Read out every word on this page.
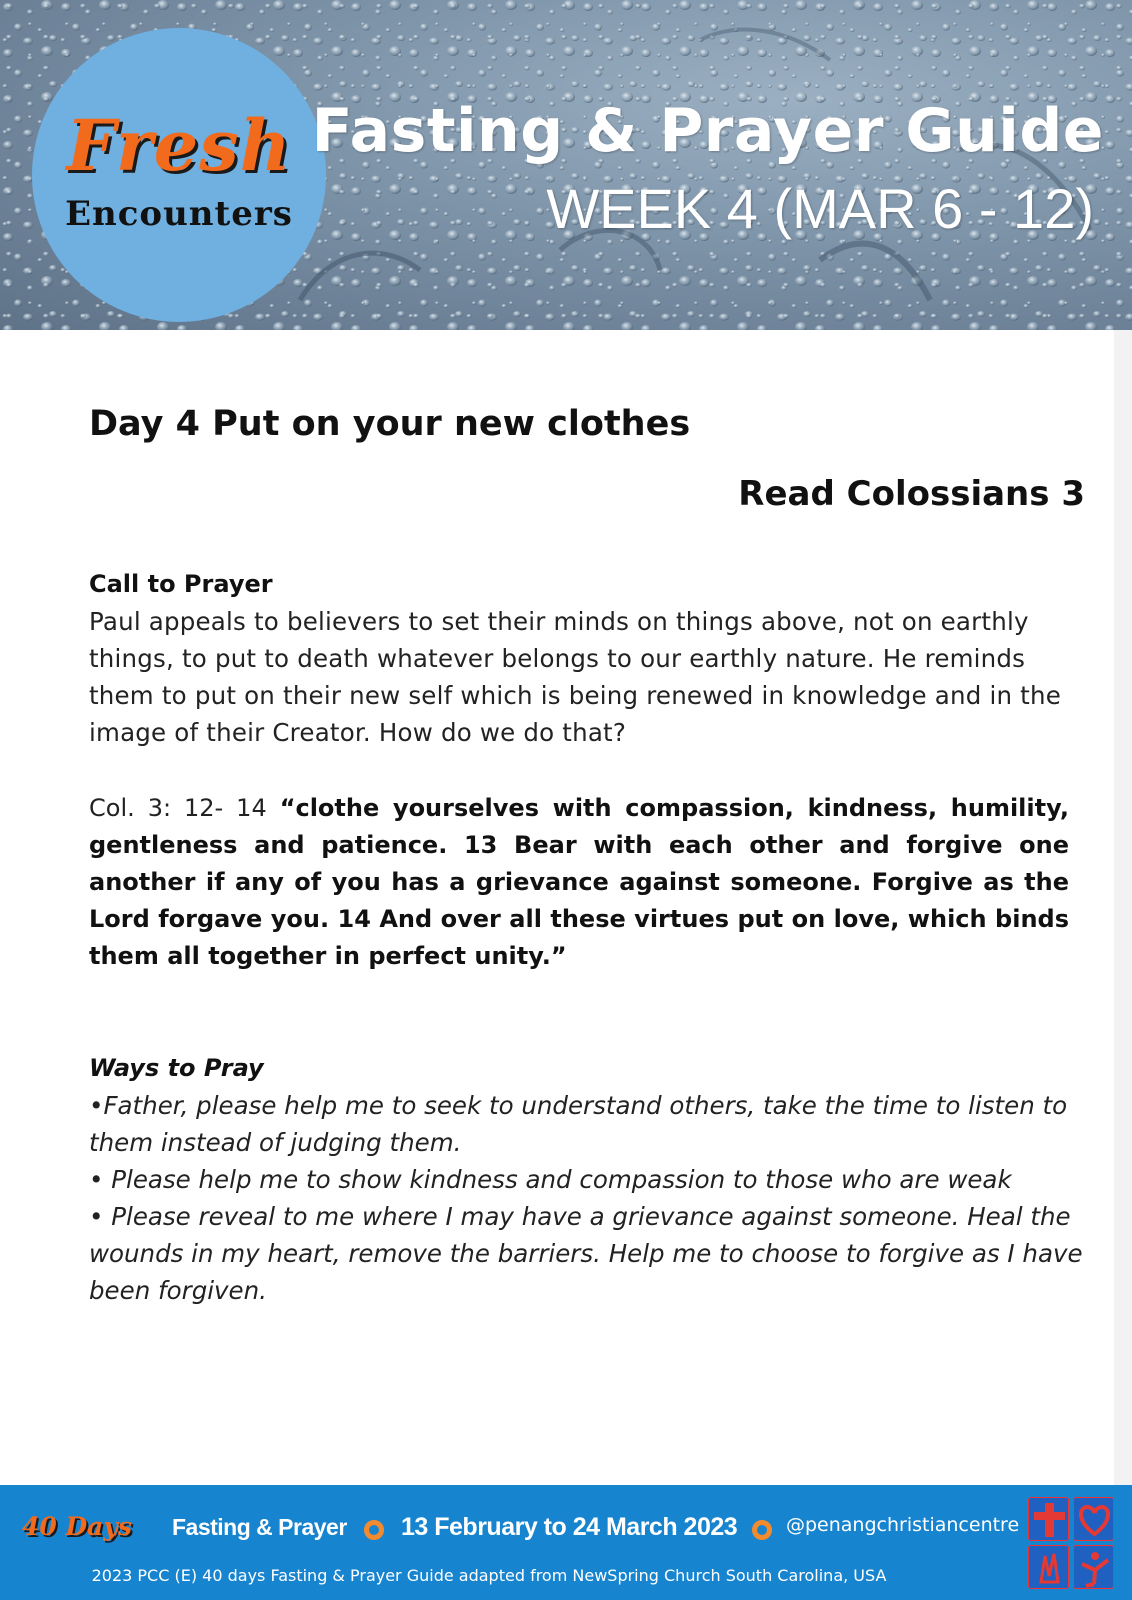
Fresh
Encounters
Fasting & Prayer Guide
WEEK 4 (MAR 6 - 12)
Day 4 Put on your new clothes
Read Colossians 3
Call to Prayer
Paul appeals to believers to set their minds on things above, not on earthly things, to put to death whatever belongs to our earthly nature. He reminds them to put on their new self which is being renewed in knowledge and in the image of their Creator. How do we do that?
Col. 3: 12- 14 “clothe yourselves with compassion, kindness, humility, gentleness and patience. 13 Bear with each other and forgive one another if any of you has a grievance against someone. Forgive as the Lord forgave you. 14 And over all these virtues put on love, which binds them all together in perfect unity.”
Ways to Pray
•Father, please help me to seek to understand others, take the time to listen to them instead of judging them.
• Please help me to show kindness and compassion to those who are weak
• Please reveal to me where I may have a grievance against someone. Heal the wounds in my heart, remove the barriers. Help me to choose to forgive as I have been forgiven.
40 Days Fasting & Prayer 13 February to 24 March 2023	@penangchristiancentre
2023 PCC (E) 40 days Fasting & Prayer Guide adapted from NewSpring Church South Carolina, USA
